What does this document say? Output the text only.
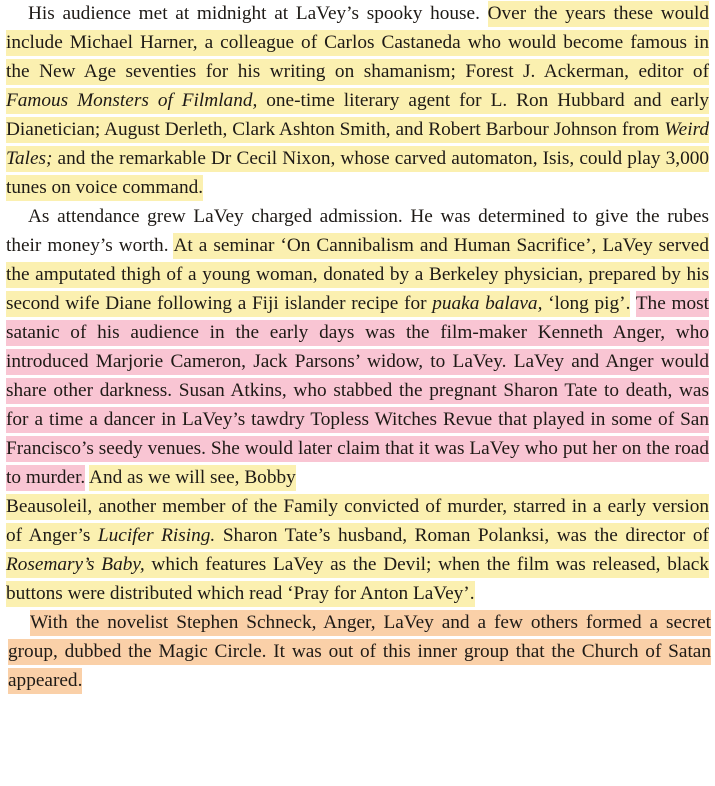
His audience met at midnight at LaVey’s spooky house. Over the years these would include Michael Harner, a colleague of Carlos Castaneda who would become famous in the New Age seventies for his writing on shamanism; Forest J. Ackerman, editor of Famous Monsters of Filmland, one-time literary agent for L. Ron Hubbard and early Dianetician; August Derleth, Clark Ashton Smith, and Robert Barbour Johnson from Weird Tales; and the remarkable Dr Cecil Nixon, whose carved automaton, Isis, could play 3,000 tunes on voice command.

As attendance grew LaVey charged admission. He was determined to give the rubes their money’s worth. At a seminar ‘On Cannibalism and Human Sacrifice’, LaVey served the amputated thigh of a young woman, donated by a Berkeley physician, prepared by his second wife Diane following a Fiji islander recipe for puaka balava, ‘long pig’. The most satanic of his audience in the early days was the film-maker Kenneth Anger, who introduced Marjorie Cameron, Jack Parsons’ widow, to LaVey. LaVey and Anger would share other darkness. Susan Atkins, who stabbed the pregnant Sharon Tate to death, was for a time a dancer in LaVey’s tawdry Topless Witches Revue that played in some of San Francisco’s seedy venues. She would later claim that it was LaVey who put her on the road to murder. And as we will see, Bobby

Beausoleil, another member of the Family convicted of murder, starred in a early version of Anger’s Lucifer Rising. Sharon Tate’s husband, Roman Polanksi, was the director of Rosemary’s Baby, which features LaVey as the Devil; when the film was released, black buttons were distributed which read ‘Pray for Anton LaVey’.

With the novelist Stephen Schneck, Anger, LaVey and a few others formed a secret group, dubbed the Magic Circle. It was out of this inner group that the Church of Satan appeared.
